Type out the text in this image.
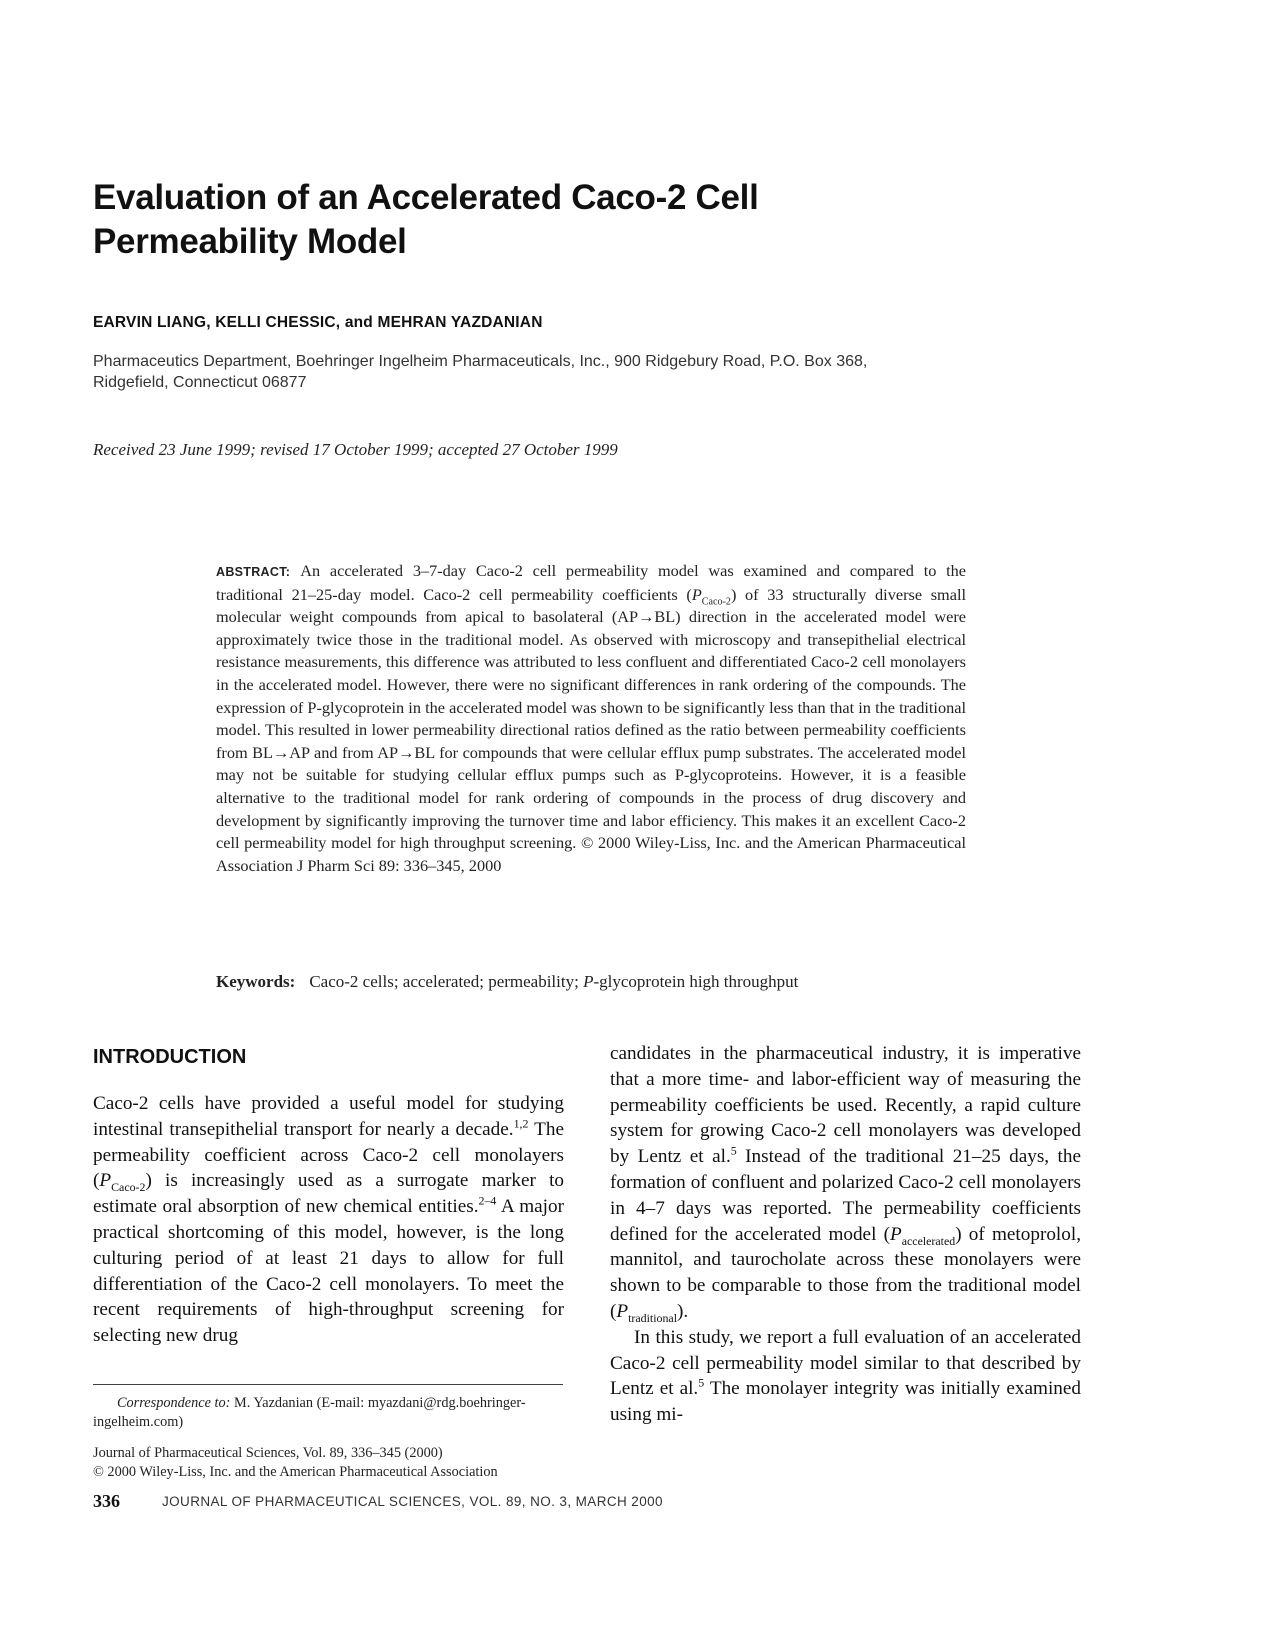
Evaluation of an Accelerated Caco-2 Cell
Permeability Model
EARVIN LIANG, KELLI CHESSIC, and MEHRAN YAZDANIAN
Pharmaceutics Department, Boehringer Ingelheim Pharmaceuticals, Inc., 900 Ridgebury Road, P.O. Box 368,
Ridgefield, Connecticut 06877
Received 23 June 1999; revised 17 October 1999; accepted 27 October 1999
ABSTRACT: An accelerated 3–7-day Caco-2 cell permeability model was examined and compared to the traditional 21–25-day model. Caco-2 cell permeability coefficients $(P_{Caco-2})$ of 33 structurally diverse small molecular weight compounds from apical to basolateral (AP→BL) direction in the accelerated model were approximately twice those in the traditional model. As observed with microscopy and transepithelial electrical resistance measurements, this difference was attributed to less confluent and differentiated Caco-2 cell monolayers in the accelerated model. However, there were no significant differences in rank ordering of the compounds. The expression of P-glycoprotein in the accelerated model was shown to be significantly less than that in the traditional model. This resulted in lower permeability directional ratios defined as the ratio between permeability coefficients from BL→AP and from AP→BL for compounds that were cellular efflux pump substrates. The accelerated model may not be suitable for studying cellular efflux pumps such as P-glycoproteins. However, it is a feasible alternative to the traditional model for rank ordering of compounds in the process of drug discovery and development by significantly improving the turnover time and labor efficiency. This makes it an excellent Caco-2 cell permeability model for high throughput screening. © 2000 Wiley-Liss, Inc. and the American Pharmaceutical Association J Pharm Sci 89: 336–345, 2000
Keywords: Caco-2 cells; accelerated; permeability; P-glycoprotein high throughput
INTRODUCTION
Caco-2 cells have provided a useful model for studying intestinal transepithelial transport for nearly a decade.$^{1,2}$ The permeability coefficient across Caco-2 cell monolayers $(P_{Caco-2})$ is increasingly used as a surrogate marker to estimate oral absorption of new chemical entities.$^{2-4}$ A major practical shortcoming of this model, however, is the long culturing period of at least 21 days to allow for full differentiation of the Caco-2 cell monolayers. To meet the recent requirements of high-throughput screening for selecting new drug
candidates in the pharmaceutical industry, it is imperative that a more time- and labor-efficient way of measuring the permeability coefficients be used. Recently, a rapid culture system for growing Caco-2 cell monolayers was developed by Lentz et al.$^5$ Instead of the traditional 21–25 days, the formation of confluent and polarized Caco-2 cell monolayers in 4–7 days was reported. The permeability coefficients defined for the accelerated model $(P_{accelerated})$ of metoprolol, mannitol, and taurocholate across these monolayers were shown to be comparable to those from the traditional model $(P_{traditional})$.
In this study, we report a full evaluation of an accelerated Caco-2 cell permeability model similar to that described by Lentz et al.$^5$ The monolayer integrity was initially examined using mi-
Correspondence to: M. Yazdanian (E-mail: myazdani@rdg.boehringer-ingelheim.com)
Journal of Pharmaceutical Sciences, Vol. 89, 336–345 (2000)
© 2000 Wiley-Liss, Inc. and the American Pharmaceutical Association
336	JOURNAL OF PHARMACEUTICAL SCIENCES, VOL. 89, NO. 3, MARCH 2000
